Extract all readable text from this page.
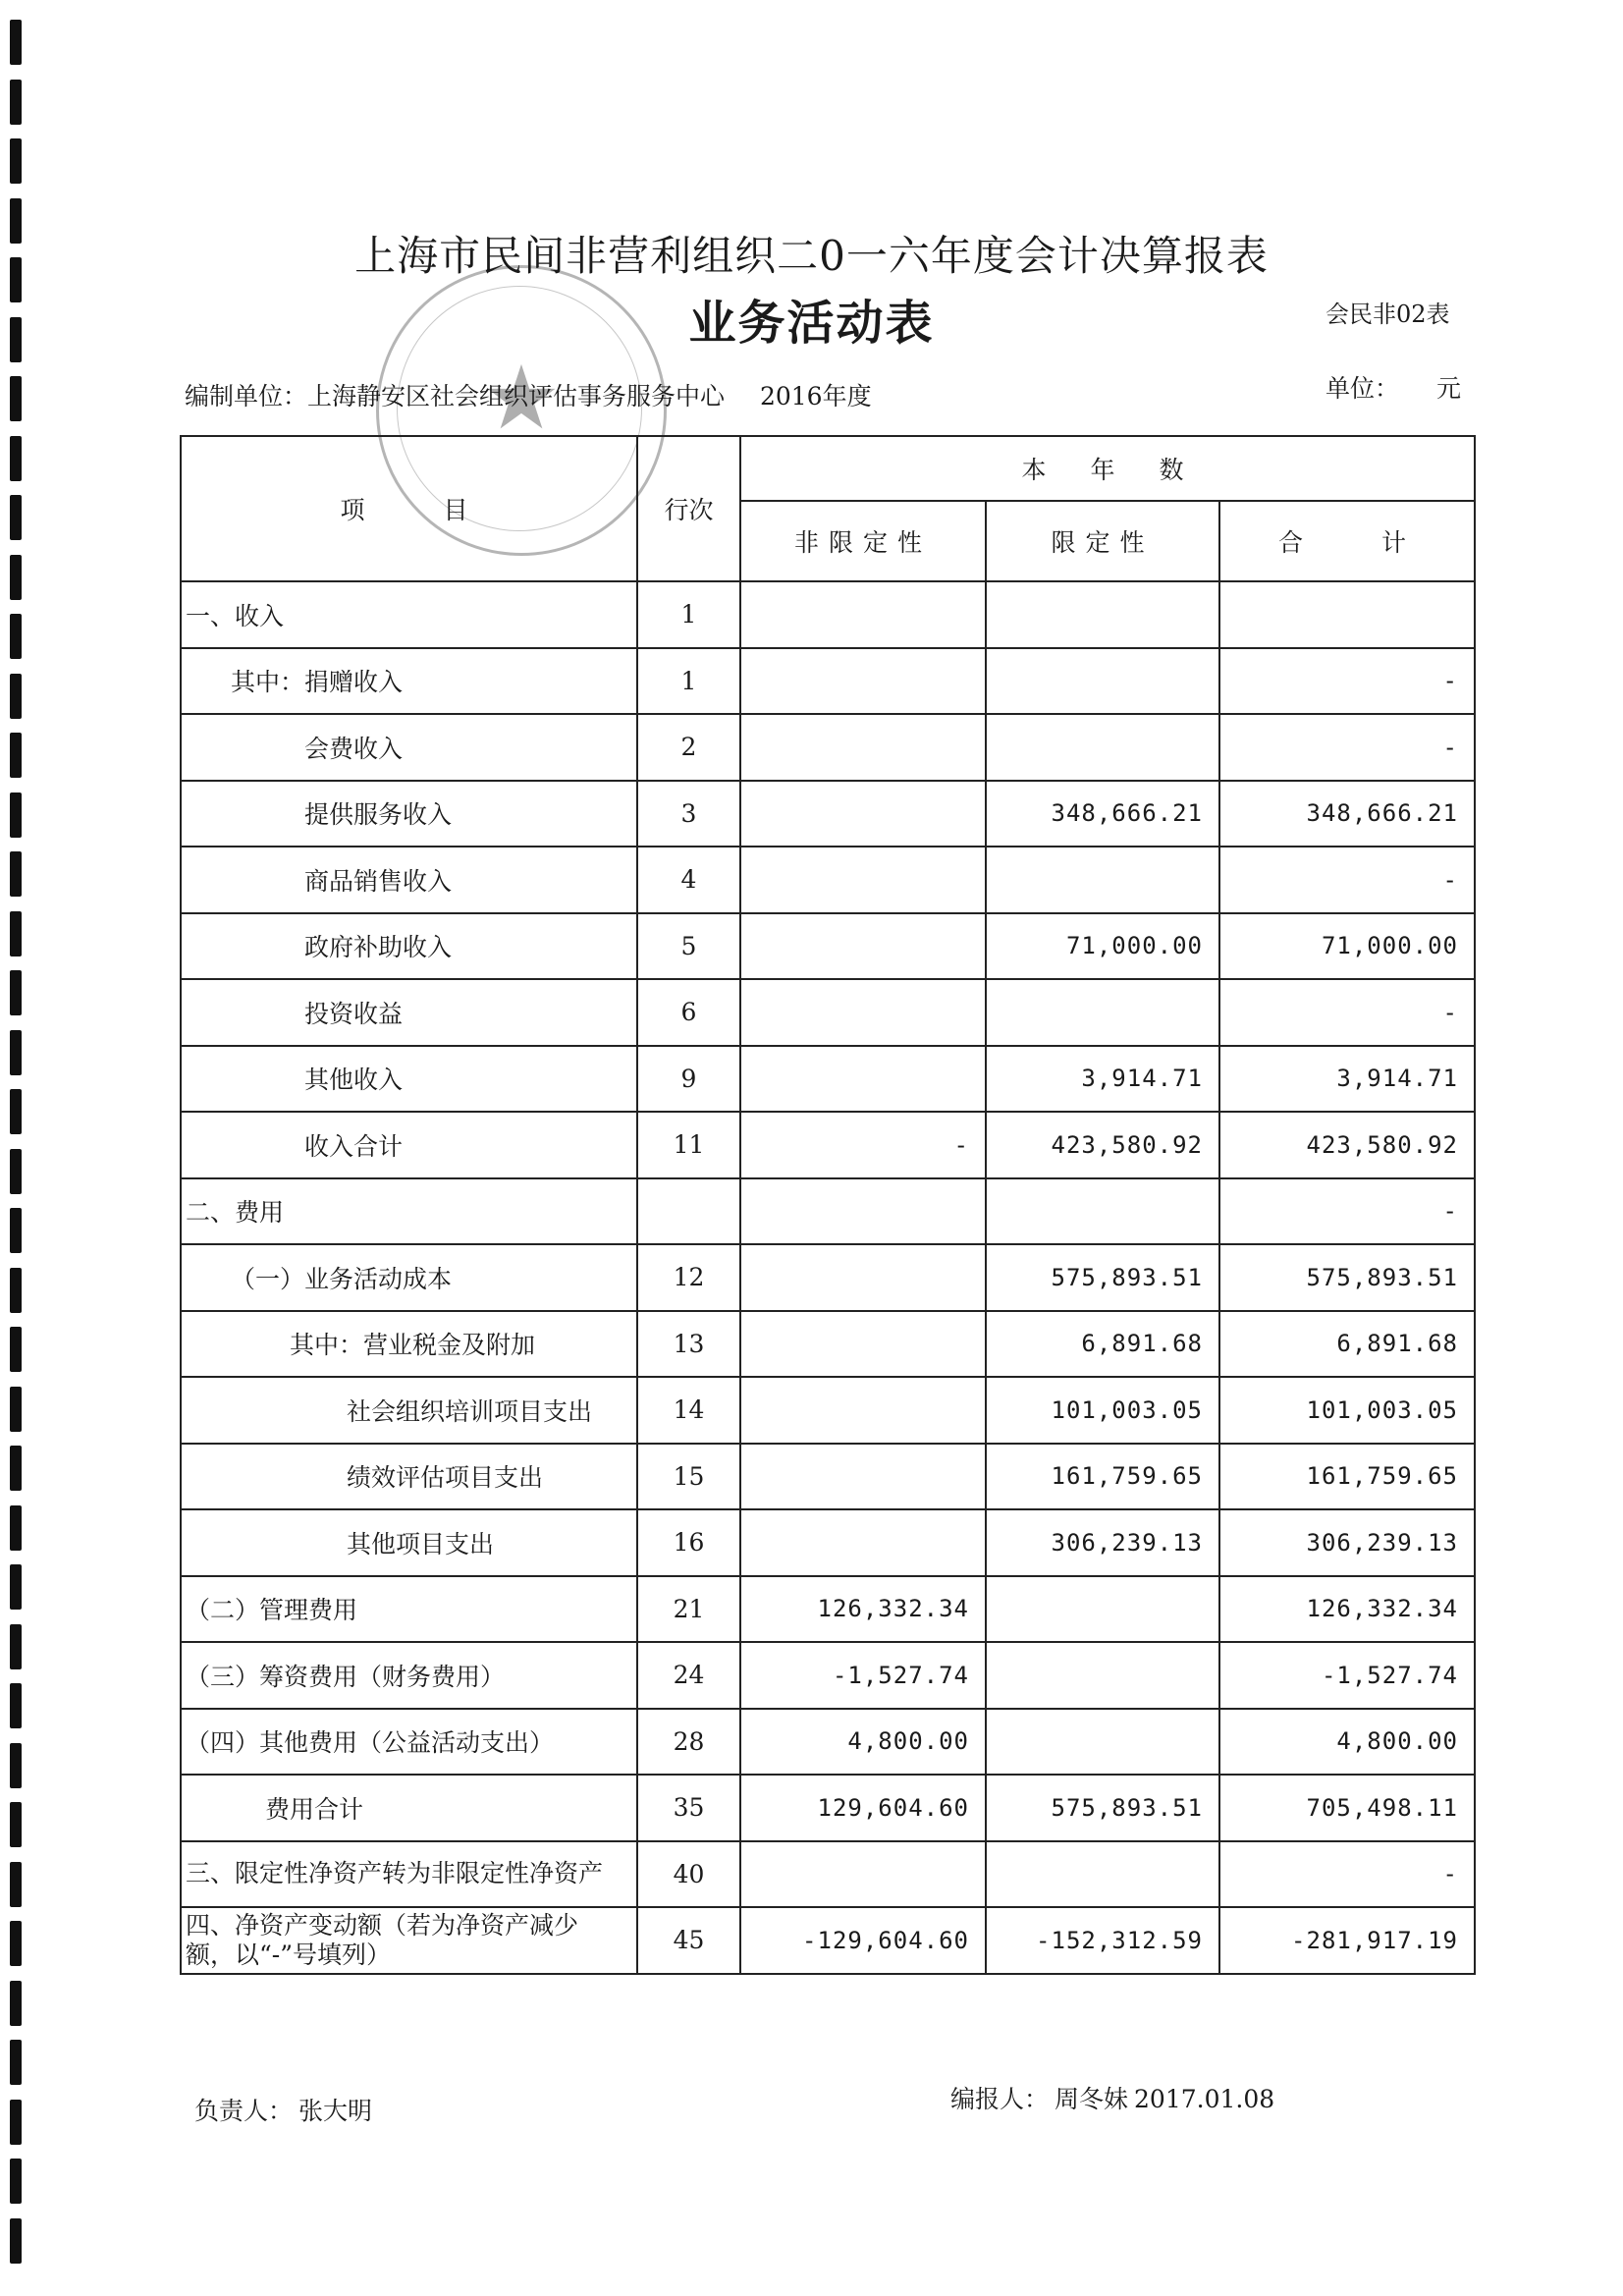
★
上海市民间非营利组织二0一六年度会计决算报表
业务活动表	会民非02表
编制单位：上海静安区社会组织评估事务服务中心 2016年度	单位： 元
项　　目	行次	本　年　数		
		非限定性	限定性	合　　计
一、收入	1			
其中：捐赠收入	1			-
会费收入	2			-
提供服务收入	3		348,666.21	348,666.21
商品销售收入	4			-
政府补助收入	5		71,000.00	71,000.00
投资收益	6			-
其他收入	9		3,914.71	3,914.71
收入合计	11	-	423,580.92	423,580.92
二、费用				-
（一）业务活动成本	12		575,893.51	575,893.51
其中：营业税金及附加	13		6,891.68	6,891.68
社会组织培训项目支出	14		101,003.05	101,003.05
绩效评估项目支出	15		161,759.65	161,759.65
其他项目支出	16		306,239.13	306,239.13
（二）管理费用	21	126,332.34		126,332.34
（三）筹资费用（财务费用）	24	-1,527.74		-1,527.74
（四）其他费用（公益活动支出）	28	4,800.00		4,800.00
费用合计	35	129,604.60	575,893.51	705,498.11
三、限定性净资产转为非限定性净资产	40			-
四、净资产变动额（若为净资产减少额，以“-”号填列）	45	-129,604.60	-152,312.59	-281,917.19
负责人： 张大明	编报人： 周冬妹 2017.01.08
